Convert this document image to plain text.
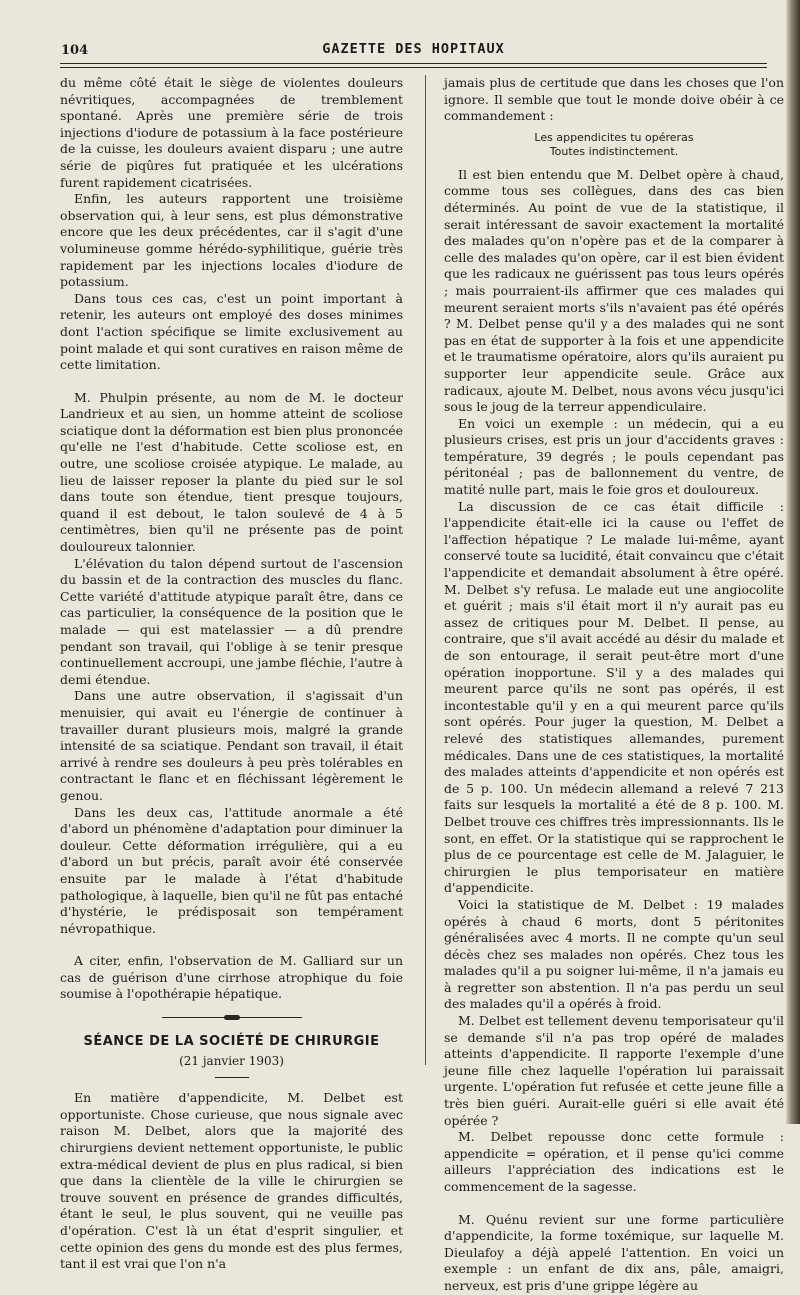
104	GAZETTE DES HOPITAUX

du même côté était le siège de violentes douleurs névritiques, accompagnées de tremblement spontané. Après une première série de trois injections d'iodure de potassium à la face postérieure de la cuisse, les douleurs avaient disparu ; une autre série de piqûres fut pratiquée et les ulcérations furent rapidement cicatrisées.

Enfin, les auteurs rapportent une troisième observation qui, à leur sens, est plus démonstrative encore que les deux précédentes, car il s'agit d'une volumineuse gomme hérédo-syphilitique, guérie très rapidement par les injections locales d'iodure de potassium.

Dans tous ces cas, c'est un point important à retenir, les auteurs ont employé des doses minimes dont l'action spécifique se limite exclusivement au point malade et qui sont curatives en raison même de cette limitation.

M. Phulpin présente, au nom de M. le docteur Landrieux et au sien, un homme atteint de scoliose sciatique dont la déformation est bien plus prononcée qu'elle ne l'est d'habitude. Cette scoliose est, en outre, une scoliose croisée atypique. Le malade, au lieu de laisser reposer la plante du pied sur le sol dans toute son étendue, tient presque toujours, quand il est debout, le talon soulevé de 4 à 5 centimètres, bien qu'il ne présente pas de point douloureux talonnier.

L'élévation du talon dépend surtout de l'ascension du bassin et de la contraction des muscles du flanc. Cette variété d'attitude atypique paraît être, dans ce cas particulier, la conséquence de la position que le malade — qui est matelassier — a dû prendre pendant son travail, qui l'oblige à se tenir presque continuellement accroupi, une jambe fléchie, l'autre à demi étendue.

Dans une autre observation, il s'agissait d'un menuisier, qui avait eu l'énergie de continuer à travailler durant plusieurs mois, malgré la grande intensité de sa sciatique. Pendant son travail, il était arrivé à rendre ses douleurs à peu près tolérables en contractant le flanc et en fléchissant légèrement le genou.

Dans les deux cas, l'attitude anormale a été d'abord un phénomène d'adaptation pour diminuer la douleur. Cette déformation irrégulière, qui a eu d'abord un but précis, paraît avoir été conservée ensuite par le malade à l'état d'habitude pathologique, à laquelle, bien qu'il ne fût pas entaché d'hystérie, le prédisposait son tempérament névropathique.

A citer, enfin, l'observation de M. Galliard sur un cas de guérison d'une cirrhose atrophique du foie soumise à l'opothérapie hépatique.

SÉANCE DE LA SOCIÉTÉ DE CHIRURGIE
(21 janvier 1903)

En matière d'appendicite, M. Delbet est opportuniste. Chose curieuse, que nous signale avec raison M. Delbet, alors que la majorité des chirurgiens devient nettement opportuniste, le public extra-médical devient de plus en plus radical, si bien que dans la clientèle de la ville le chirurgien se trouve souvent en présence de grandes difficultés, étant le seul, le plus souvent, qui ne veuille pas d'opération. C'est là un état d'esprit singulier, et cette opinion des gens du monde est des plus fermes, tant il est vrai que l'on n'a

jamais plus de certitude que dans les choses que l'on ignore. Il semble que tout le monde doive obéir à ce commandement :

Les appendicites tu opéreras
Toutes indistinctement.

Il est bien entendu que M. Delbet opère à chaud, comme tous ses collègues, dans des cas bien déterminés. Au point de vue de la statistique, il serait intéressant de savoir exactement la mortalité des malades qu'on n'opère pas et de la comparer à celle des malades qu'on opère, car il est bien évident que les radicaux ne guérissent pas tous leurs opérés ; mais pourraient-ils affirmer que ces malades qui meurent seraient morts s'ils n'avaient pas été opérés ? M. Delbet pense qu'il y a des malades qui ne sont pas en état de supporter à la fois et une appendicite et le traumatisme opératoire, alors qu'ils auraient pu supporter leur appendicite seule. Grâce aux radicaux, ajoute M. Delbet, nous avons vécu jusqu'ici sous le joug de la terreur appendiculaire.

En voici un exemple : un médecin, qui a eu plusieurs crises, est pris un jour d'accidents graves : température, 39 degrés ; le pouls cependant pas péritonéal ; pas de ballonnement du ventre, de matité nulle part, mais le foie gros et douloureux.

La discussion de ce cas était difficile : l'appendicite était-elle ici la cause ou l'effet de l'affection hépatique ? Le malade lui-même, ayant conservé toute sa lucidité, était convaincu que c'était l'appendicite et demandait absolument à être opéré. M. Delbet s'y refusa. Le malade eut une angiocolite et guérit ; mais s'il était mort il n'y aurait pas eu assez de critiques pour M. Delbet. Il pense, au contraire, que s'il avait accédé au désir du malade et de son entourage, il serait peut-être mort d'une opération inopportune. S'il y a des malades qui meurent parce qu'ils ne sont pas opérés, il est incontestable qu'il y en a qui meurent parce qu'ils sont opérés. Pour juger la question, M. Delbet a relevé des statistiques allemandes, purement médicales. Dans une de ces statistiques, la mortalité des malades atteints d'appendicite et non opérés est de 5 p. 100. Un médecin allemand a relevé 7 213 faits sur lesquels la mortalité a été de 8 p. 100. M. Delbet trouve ces chiffres très impressionnants. Ils le sont, en effet. Or la statistique qui se rapprochent le plus de ce pourcentage est celle de M. Jalaguier, le chirurgien le plus temporisateur en matière d'appendicite.

Voici la statistique de M. Delbet : 19 malades opérés à chaud 6 morts, dont 5 péritonites généralisées avec 4 morts. Il ne compte qu'un seul décès chez ses malades non opérés. Chez tous les malades qu'il a pu soigner lui-même, il n'a jamais eu à regretter son abstention. Il n'a pas perdu un seul des malades qu'il a opérés à froid.

M. Delbet est tellement devenu temporisateur qu'il se demande s'il n'a pas trop opéré de malades atteints d'appendicite. Il rapporte l'exemple d'une jeune fille chez laquelle l'opération lui paraissait urgente. L'opération fut refusée et cette jeune fille a très bien guéri. Aurait-elle guéri si elle avait été opérée ?

M. Delbet repousse donc cette formule : appendicite = opération, et il pense qu'ici comme ailleurs l'appréciation des indications est le commencement de la sagesse.

M. Quénu revient sur une forme particulière d'appendicite, la forme toxémique, sur laquelle M. Dieulafoy a déjà appelé l'attention. En voici un exemple : un enfant de dix ans, pâle, amaigri, nerveux, est pris d'une grippe légère au
